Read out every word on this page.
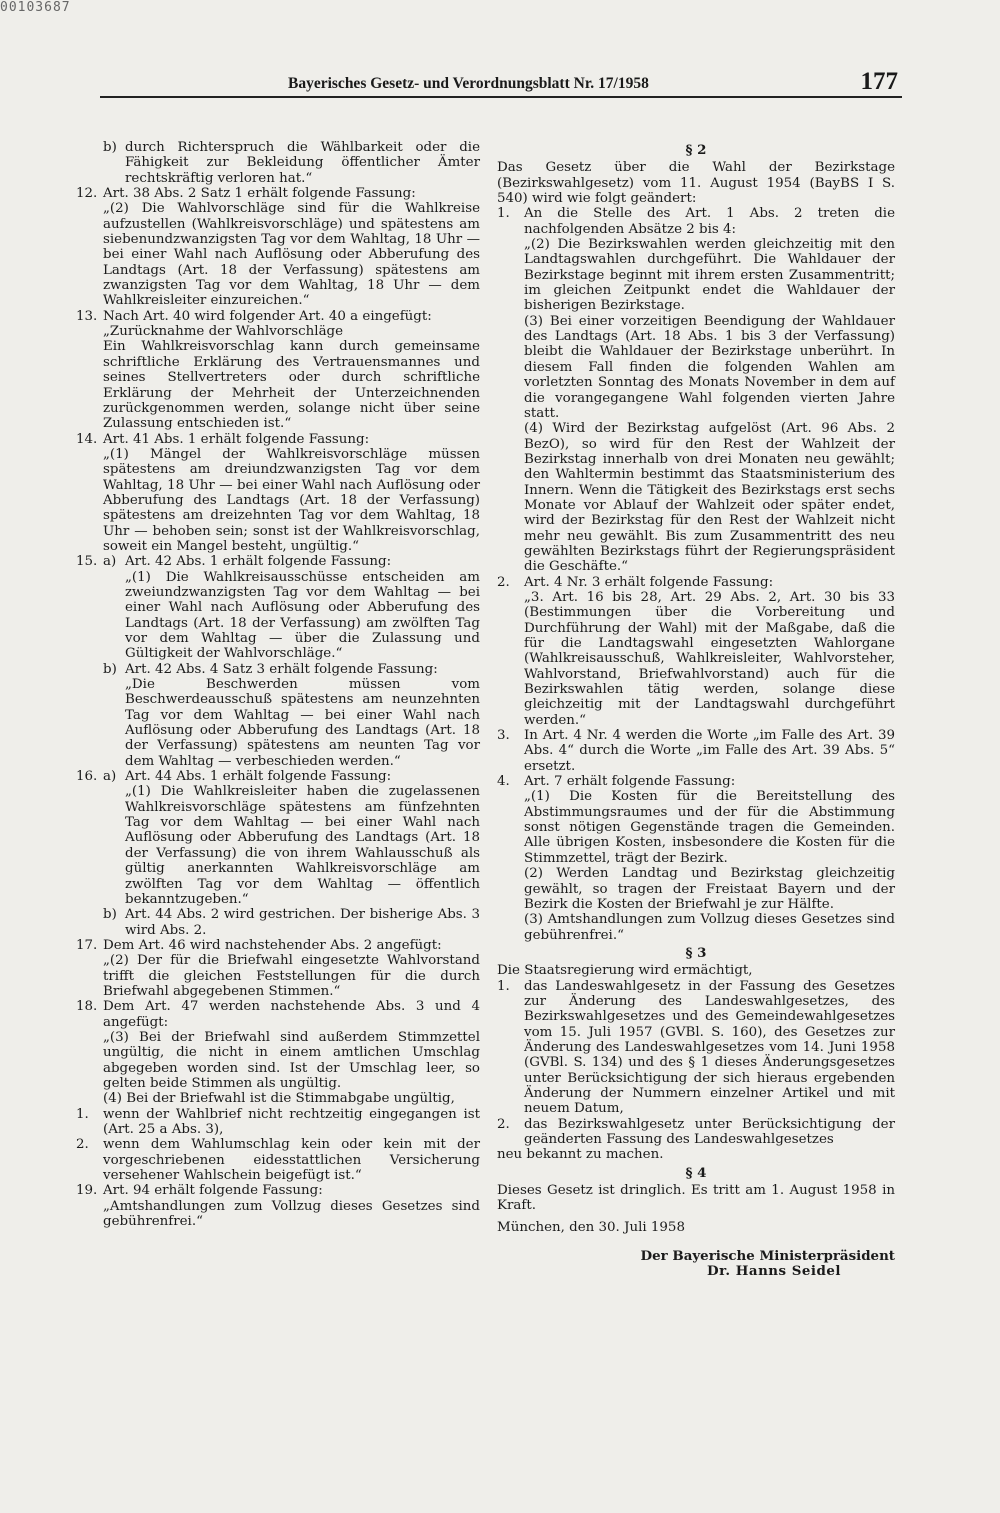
00103687
Bayerisches Gesetz- und Verordnungsblatt Nr. 17/1958	177
b) durch Richterspruch die Wählbarkeit oder die Fähigkeit zur Bekleidung öffentlicher Ämter rechtskräftig verloren hat.“
12. Art. 38 Abs. 2 Satz 1 erhält folgende Fassung:

„(2) Die Wahlvorschläge sind für die Wahlkreise aufzustellen (Wahlkreisvorschläge) und spätestens am siebenundzwanzigsten Tag vor dem Wahltag, 18 Uhr — bei einer Wahl nach Auflösung oder Abberufung des Landtags (Art. 18 der Verfassung) spätestens am zwanzigsten Tag vor dem Wahltag, 18 Uhr — dem Wahlkreisleiter einzureichen.“

13. Nach Art. 40 wird folgender Art. 40 a eingefügt:

„Zurücknahme der Wahlvorschläge

Ein Wahlkreisvorschlag kann durch gemeinsame schriftliche Erklärung des Vertrauensmannes und seines Stellvertreters oder durch schriftliche Erklärung der Mehrheit der Unterzeichnenden zurückgenommen werden, solange nicht über seine Zulassung entschieden ist.“

14. Art. 41 Abs. 1 erhält folgende Fassung:

„(1) Mängel der Wahlkreisvorschläge müssen spätestens am dreiundzwanzigsten Tag vor dem Wahltag, 18 Uhr — bei einer Wahl nach Auflösung oder Abberufung des Landtags (Art. 18 der Verfassung) spätestens am dreizehnten Tag vor dem Wahltag, 18 Uhr — behoben sein; sonst ist der Wahlkreisvorschlag, soweit ein Mangel besteht, ungültig.“

15. a) Art. 42 Abs. 1 erhält folgende Fassung:

„(1) Die Wahlkreisausschüsse entscheiden am zweiundzwanzigsten Tag vor dem Wahltag — bei einer Wahl nach Auflösung oder Abberufung des Landtags (Art. 18 der Verfassung) am zwölften Tag vor dem Wahltag — über die Zulassung und Gültigkeit der Wahlvorschläge.“

b) Art. 42 Abs. 4 Satz 3 erhält folgende Fassung:

„Die Beschwerden müssen vom Beschwerdeausschuß spätestens am neunzehnten Tag vor dem Wahltag — bei einer Wahl nach Auflösung oder Abberufung des Landtags (Art. 18 der Verfassung) spätestens am neunten Tag vor dem Wahltag — verbeschieden werden.“

16. a) Art. 44 Abs. 1 erhält folgende Fassung:

„(1) Die Wahlkreisleiter haben die zugelassenen Wahlkreisvorschläge spätestens am fünfzehnten Tag vor dem Wahltag — bei einer Wahl nach Auflösung oder Abberufung des Landtags (Art. 18 der Verfassung) die von ihrem Wahlausschuß als gültig anerkannten Wahlkreisvorschläge am zwölften Tag vor dem Wahltag — öffentlich bekanntzugeben.“

b) Art. 44 Abs. 2 wird gestrichen. Der bisherige Abs. 3 wird Abs. 2.
17. Dem Art. 46 wird nachstehender Abs. 2 angefügt:

„(2) Der für die Briefwahl eingesetzte Wahlvorstand trifft die gleichen Feststellungen für die durch Briefwahl abgegebenen Stimmen.“

18. Dem Art. 47 werden nachstehende Abs. 3 und 4 angefügt:

„(3) Bei der Briefwahl sind außerdem Stimmzettel ungültig, die nicht in einem amtlichen Umschlag abgegeben worden sind. Ist der Umschlag leer, so gelten beide Stimmen als ungültig.

(4) Bei der Briefwahl ist die Stimmabgabe ungültig,

1.	wenn der Wahlbrief nicht rechtzeitig eingegangen ist (Art. 25 a Abs. 3),
2.	wenn dem Wahlumschlag kein oder kein mit der vorgeschriebenen eidesstattlichen Versicherung versehener Wahlschein beigefügt ist.“
19. Art. 94 erhält folgende Fassung:

„Amtshandlungen zum Vollzug dieses Gesetzes sind gebührenfrei.“

§ 2

Das Gesetz über die Wahl der Bezirkstage (Bezirkswahlgesetz) vom 11. August 1954 (BayBS I S. 540) wird wie folgt geändert:

1.	An die Stelle des Art. 1 Abs. 2 treten die nachfolgenden Absätze 2 bis 4:

„(2) Die Bezirkswahlen werden gleichzeitig mit den Landtagswahlen durchgeführt. Die Wahldauer der Bezirkstage beginnt mit ihrem ersten Zusammentritt; im gleichen Zeitpunkt endet die Wahldauer der bisherigen Bezirkstage.

(3) Bei einer vorzeitigen Beendigung der Wahldauer des Landtags (Art. 18 Abs. 1 bis 3 der Verfassung) bleibt die Wahldauer der Bezirkstage unberührt. In diesem Fall finden die folgenden Wahlen am vorletzten Sonntag des Monats November in dem auf die vorangegangene Wahl folgenden vierten Jahre statt.

(4) Wird der Bezirkstag aufgelöst (Art. 96 Abs. 2 BezO), so wird für den Rest der Wahlzeit der Bezirkstag innerhalb von drei Monaten neu gewählt; den Wahltermin bestimmt das Staatsministerium des Innern. Wenn die Tätigkeit des Bezirkstags erst sechs Monate vor Ablauf der Wahlzeit oder später endet, wird der Bezirkstag für den Rest der Wahlzeit nicht mehr neu gewählt. Bis zum Zusammentritt des neu gewählten Bezirkstags führt der Regierungspräsident die Geschäfte.“

2.	Art. 4 Nr. 3 erhält folgende Fassung:

„3. Art. 16 bis 28, Art. 29 Abs. 2, Art. 30 bis 33 (Bestimmungen über die Vorbereitung und Durchführung der Wahl) mit der Maßgabe, daß die für die Landtagswahl eingesetzten Wahlorgane (Wahlkreisausschuß, Wahlkreisleiter, Wahlvorsteher, Wahlvorstand, Briefwahlvorstand) auch für die Bezirkswahlen tätig werden, solange diese gleichzeitig mit der Landtagswahl durchgeführt werden.“

3.	In Art. 4 Nr. 4 werden die Worte „im Falle des Art. 39 Abs. 4“ durch die Worte „im Falle des Art. 39 Abs. 5“ ersetzt.
4.	Art. 7 erhält folgende Fassung:

„(1) Die Kosten für die Bereitstellung des Abstimmungsraumes und der für die Abstimmung sonst nötigen Gegenstände tragen die Gemeinden. Alle übrigen Kosten, insbesondere die Kosten für die Stimmzettel, trägt der Bezirk.

(2) Werden Landtag und Bezirkstag gleichzeitig gewählt, so tragen der Freistaat Bayern und der Bezirk die Kosten der Briefwahl je zur Hälfte.

(3) Amtshandlungen zum Vollzug dieses Gesetzes sind gebührenfrei.“

§ 3

Die Staatsregierung wird ermächtigt,

1.	das Landeswahlgesetz in der Fassung des Gesetzes zur Änderung des Landeswahlgesetzes, des Bezirkswahlgesetzes und des Gemeindewahlgesetzes vom 15. Juli 1957 (GVBl. S. 160), des Gesetzes zur Änderung des Landeswahlgesetzes vom 14. Juni 1958 (GVBl. S. 134) und des § 1 dieses Änderungsgesetzes unter Berücksichtigung der sich hieraus ergebenden Änderung der Nummern einzelner Artikel und mit neuem Datum,
2.	das Bezirkswahlgesetz unter Berücksichtigung der geänderten Fassung des Landeswahlgesetzes

neu bekannt zu machen.

§ 4

Dieses Gesetz ist dringlich. Es tritt am 1. August 1958 in Kraft.

München, den 30. Juli 1958

Der Bayerische Ministerpräsident
Dr. Hanns Seidel
